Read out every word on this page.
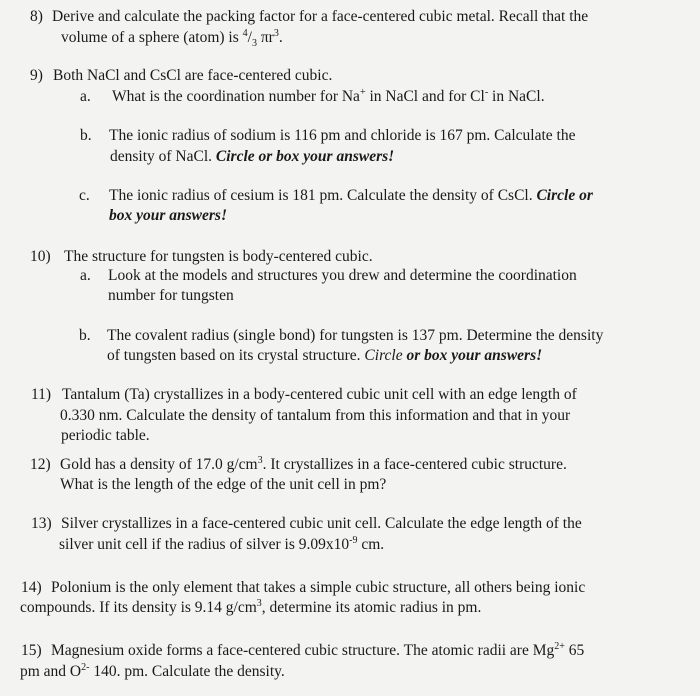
8) Derive and calculate the packing factor for a face-centered cubic metal. Recall that the
volume of a sphere (atom) is $^4/_3$ $\pi r^3$.
9) Both NaCl and CsCl are face-centered cubic.
a. What is the coordination number for Na+ in NaCl and for Cl- in NaCl.
b. The ionic radius of sodium is 116 pm and chloride is 167 pm. Calculate the
density of NaCl. Circle or box your answers!
c. The ionic radius of cesium is 181 pm. Calculate the density of CsCl. Circle or
box your answers!
10) The structure for tungsten is body-centered cubic.
a. Look at the models and structures you drew and determine the coordination
number for tungsten
b. The covalent radius (single bond) for tungsten is 137 pm. Determine the density
of tungsten based on its crystal structure. Circle or box your answers!
11) Tantalum (Ta) crystallizes in a body-centered cubic unit cell with an edge length of
0.330 nm. Calculate the density of tantalum from this information and that in your
periodic table.
12) Gold has a density of 17.0 $g/cm^3$. It crystallizes in a face-centered cubic structure.
What is the length of the edge of the unit cell in pm?
13) Silver crystallizes in a face-centered cubic unit cell. Calculate the edge length of the
silver unit cell if the radius of silver is $9.09x10^{-9}$ cm.
14) Polonium is the only element that takes a simple cubic structure, all others being ionic
compounds. If its density is 9.14 $g/cm^3$, determine its atomic radius in pm.
15) Magnesium oxide forms a face-centered cubic structure. The atomic radii are $Mg^{2+}$ 65
pm and $O^{2-}$ 140. pm. Calculate the density.
